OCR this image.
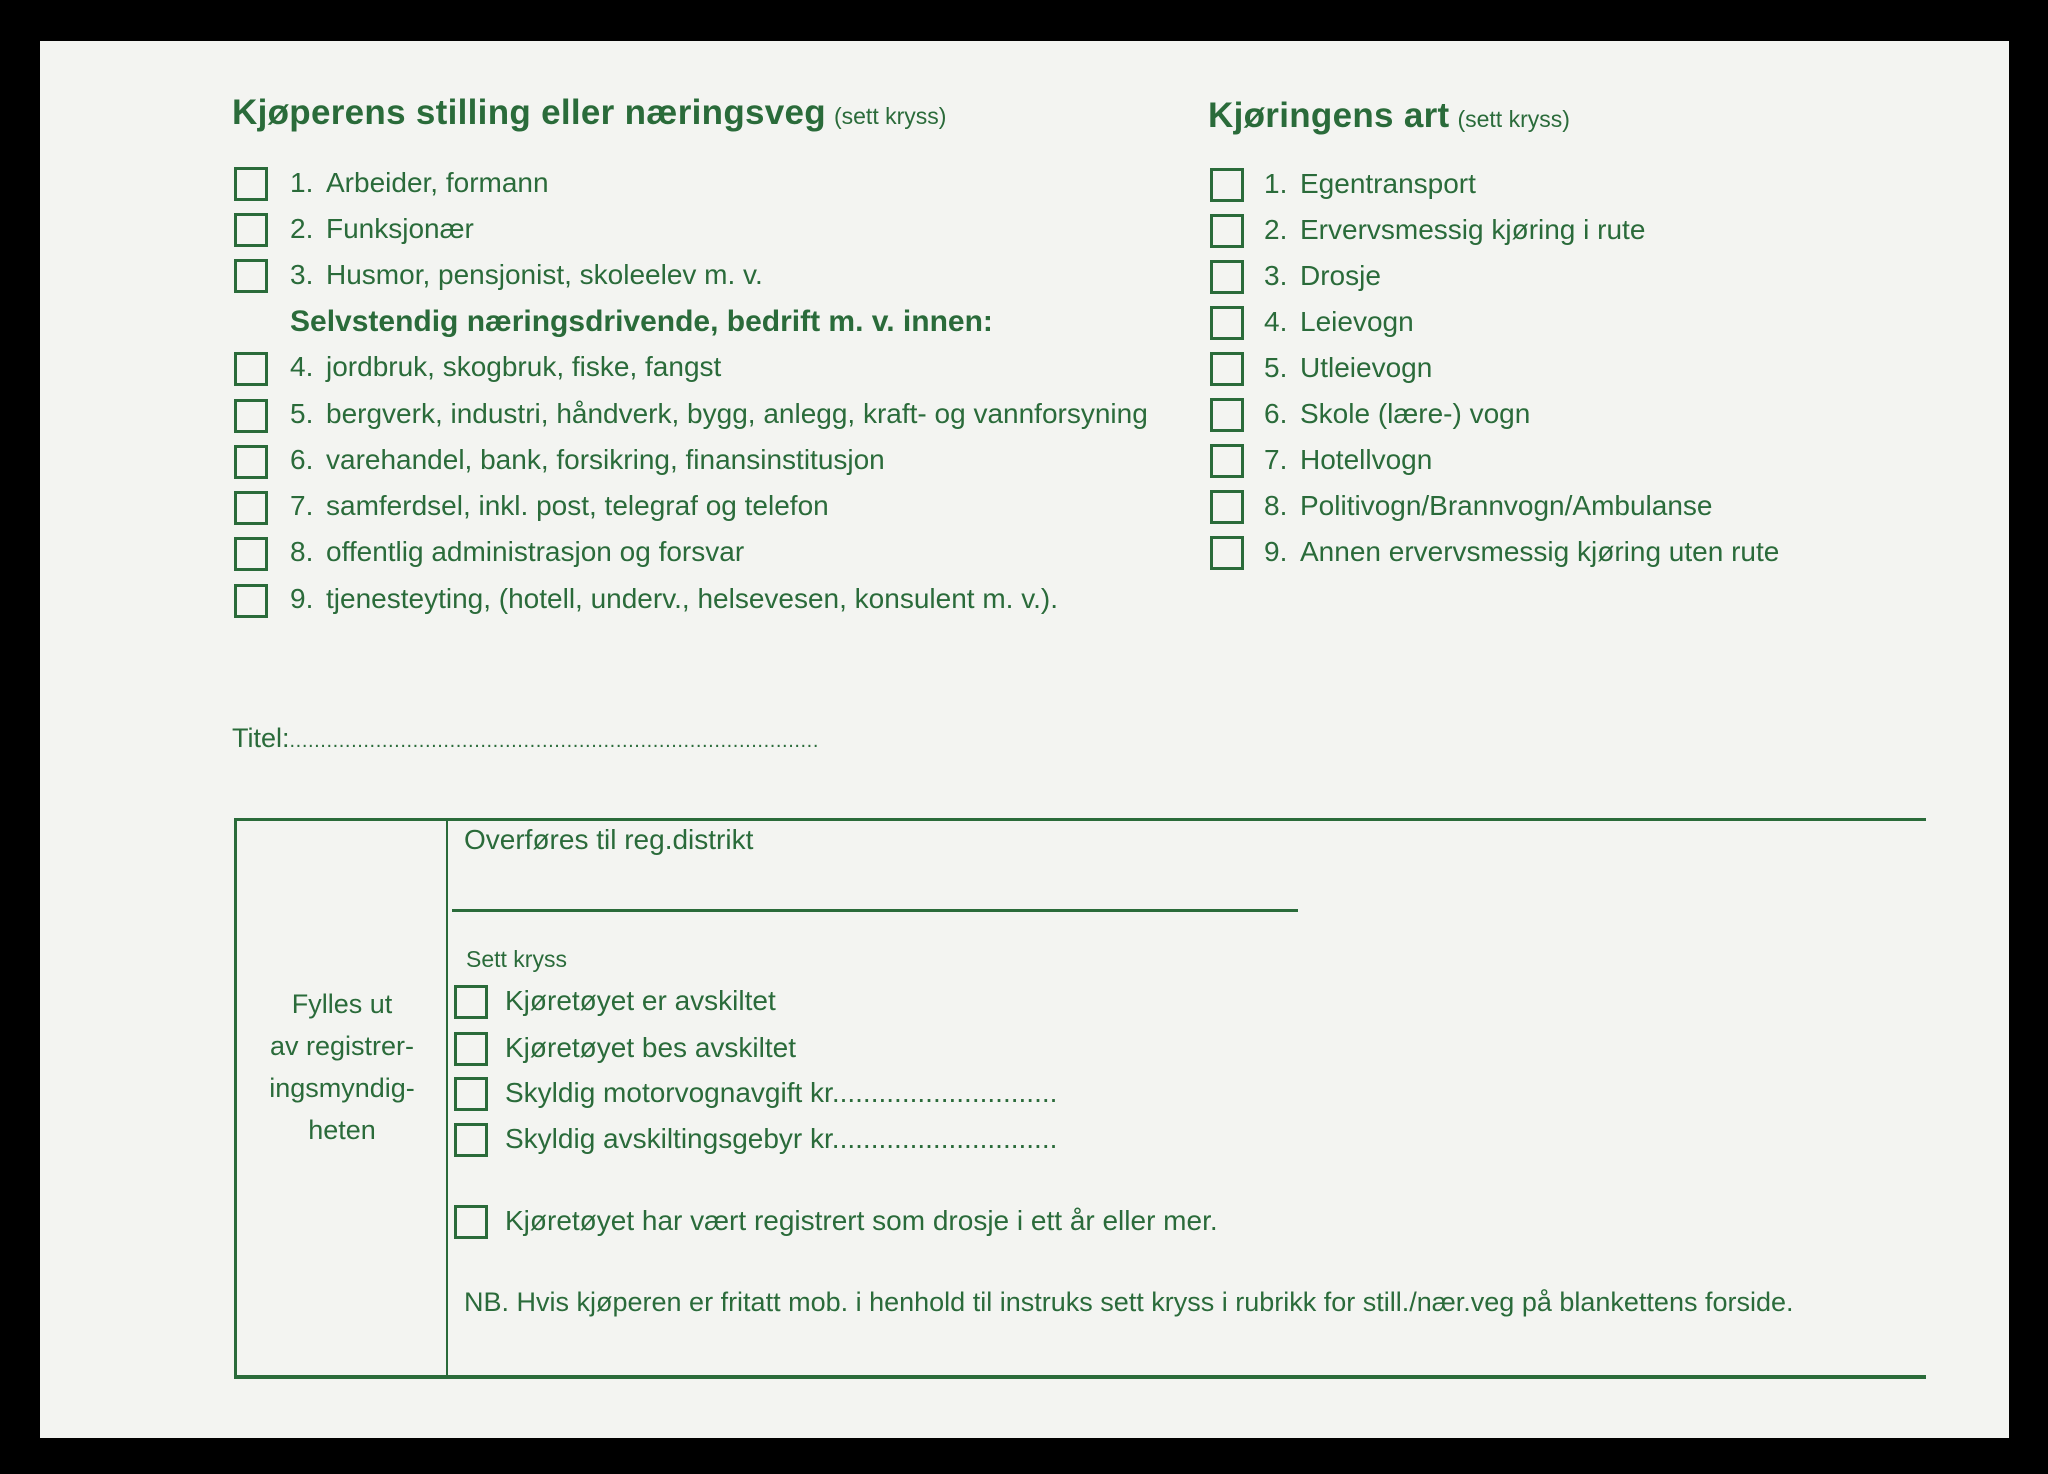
Kjøperens stilling eller næringsveg (sett kryss)
1. Arbeider, formann
2. Funksjonær
3. Husmor, pensjonist, skoleelev m. v.
Selvstendig næringsdrivende, bedrift m. v. innen:
4. jordbruk, skogbruk, fiske, fangst
5. bergverk, industri, håndverk, bygg, anlegg, kraft- og vannforsyning
6. varehandel, bank, forsikring, finansinstitusjon
7. samferdsel, inkl. post, telegraf og telefon
8. offentlig administrasjon og forsvar
9. tjenesteyting, (hotell, underv., helsevesen, konsulent m. v.).
Titel:......................................................................................
Kjøringens art (sett kryss)
1. Egentransport
2. Ervervsmessig kjøring i rute
3. Drosje
4. Leievogn
5. Utleievogn
6. Skole (lære-) vogn
7. Hotellvogn
8. Politivogn/Brannvogn/Ambulanse
9. Annen ervervsmessig kjøring uten rute
Fylles ut
av registrer-
ingsmyndig-
heten
Overføres til reg.distrikt
Sett kryss
Kjøretøyet er avskiltet
Kjøretøyet bes avskiltet
Skyldig motorvognavgift kr.............................
Skyldig avskiltingsgebyr kr.............................
Kjøretøyet har vært registrert som drosje i ett år eller mer.
NB. Hvis kjøperen er fritatt mob. i henhold til instruks sett kryss i rubrikk for still./nær.veg på blankettens forside.
